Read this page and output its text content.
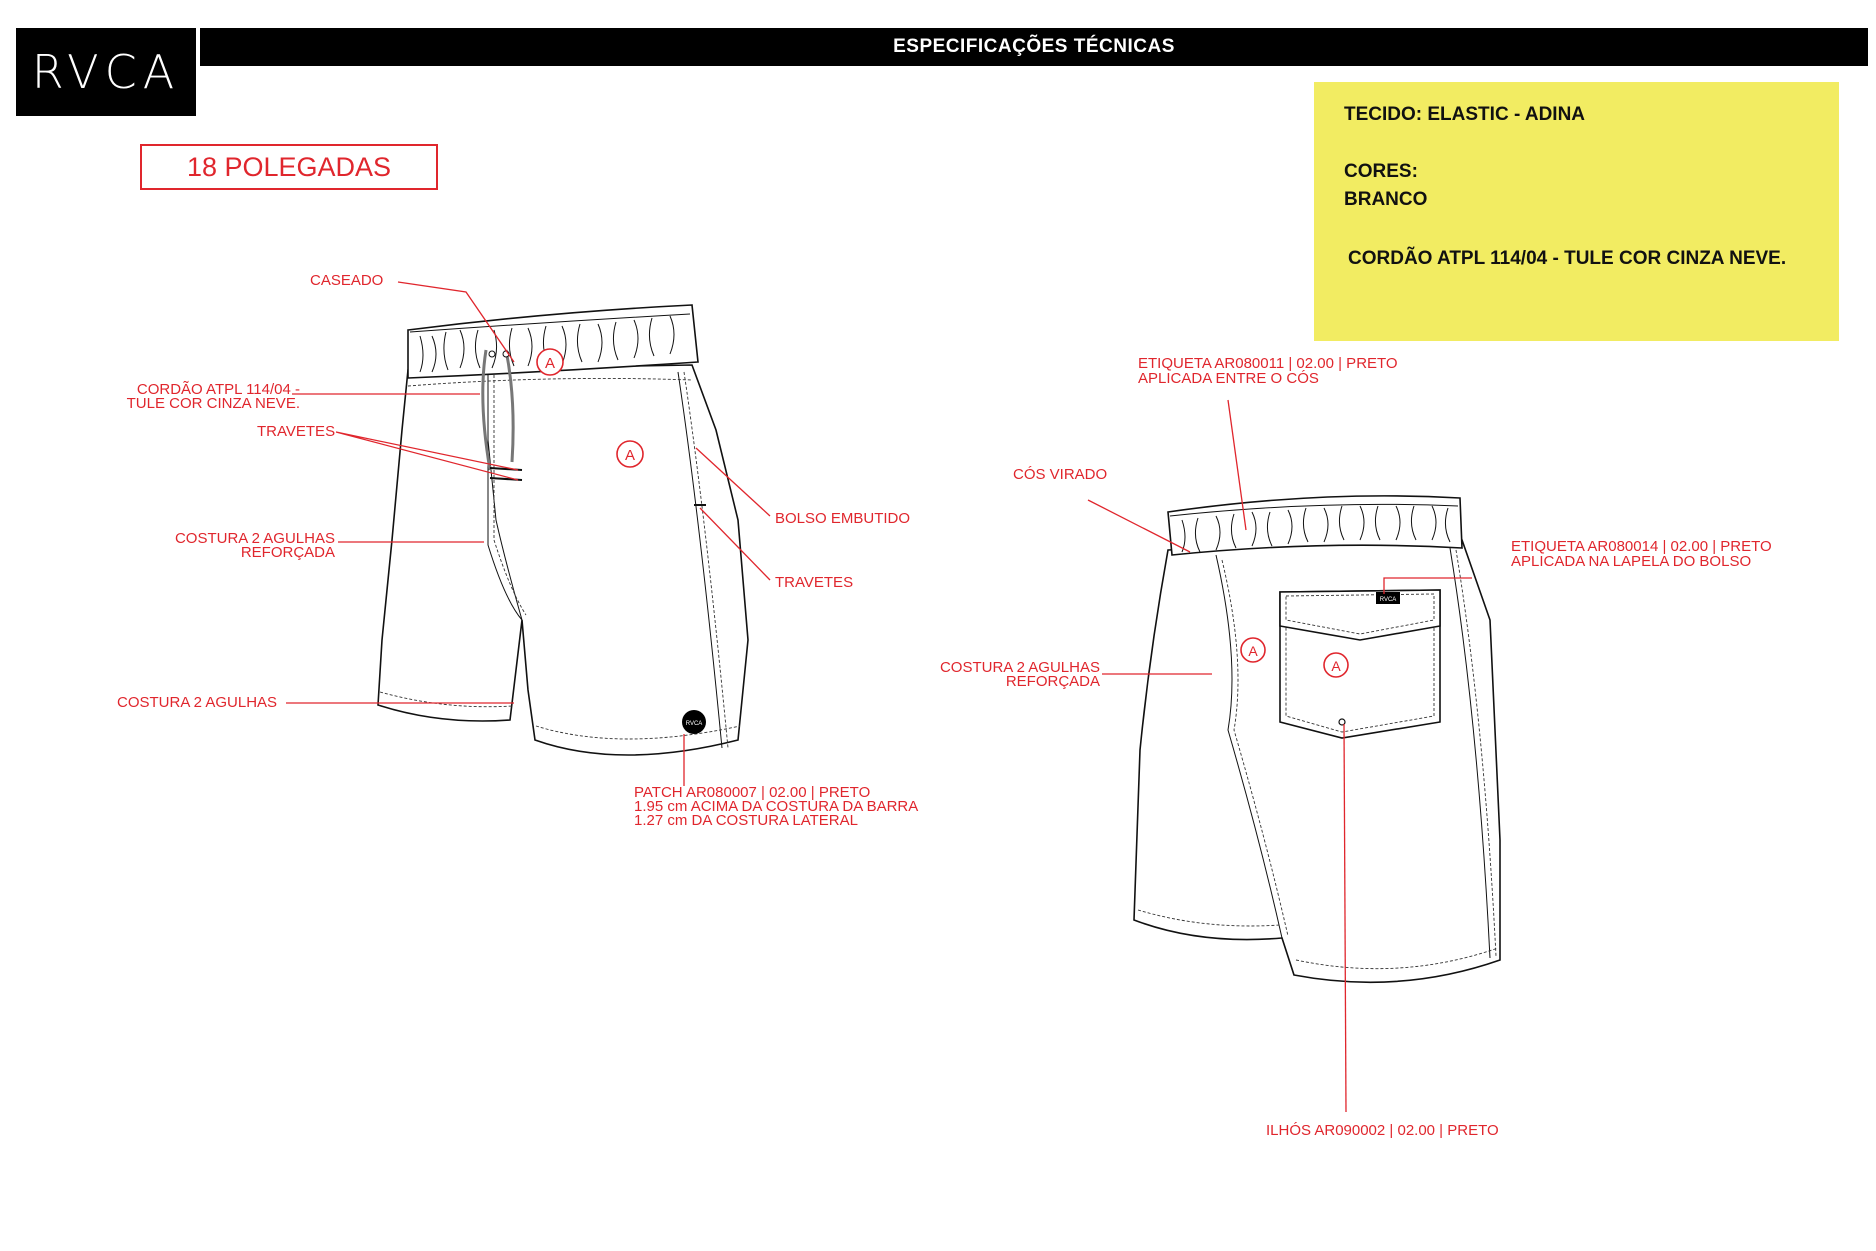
RVCA	ESPECIFICAÇÕES TÉCNICAS
18 POLEGADAS
TECIDO: ELASTIC - ADINA
CORES:
BRANCO
CORDÃO ATPL 114/04 - TULE COR CINZA NEVE.
A
A
RVCA
RVCA
A
A
CASEADO
CORDÃO ATPL 114/04 -
TULE COR CINZA NEVE.
TRAVETES
COSTURA 2 AGULHAS
REFORÇADA
COSTURA 2 AGULHAS
BOLSO EMBUTIDO
TRAVETES
PATCH AR080007 | 02.00 | PRETO
1.95 cm ACIMA DA COSTURA DA BARRA
1.27 cm DA COSTURA LATERAL
ETIQUETA AR080011 | 02.00 | PRETO
APLICADA ENTRE O CÓS
CÓS VIRADO
ETIQUETA AR080014 | 02.00 | PRETO
APLICADA NA LAPELA DO BOLSO
COSTURA 2 AGULHAS
REFORÇADA
ILHÓS AR090002 | 02.00 | PRETO
